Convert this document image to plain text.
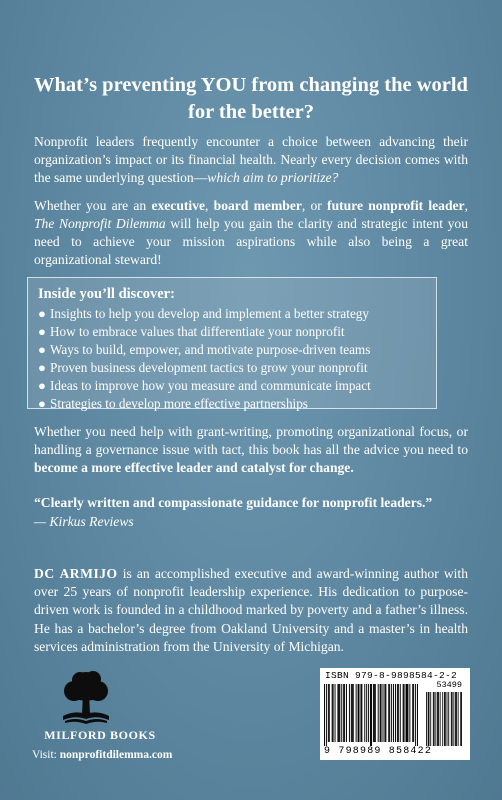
What’s preventing YOU from changing the world for the better?
Nonprofit leaders frequently encounter a choice between advancing their organization’s impact or its financial health. Nearly every decision comes with the same underlying question—which aim to prioritize?
Whether you are an executive, board member, or future nonprofit leader, The Nonprofit Dilemma will help you gain the clarity and strategic intent you need to achieve your mission aspirations while also being a great organizational steward!
Inside you’ll discover:
● Insights to help you develop and implement a better strategy
● How to embrace values that differentiate your nonprofit
● Ways to build, empower, and motivate purpose-driven teams
● Proven business development tactics to grow your nonprofit
● Ideas to improve how you measure and communicate impact
● Strategies to develop more effective partnerships
Whether you need help with grant-writing, promoting organizational focus, or handling a governance issue with tact, this book has all the advice you need to become a more effective leader and catalyst for change.
“Clearly written and compassionate guidance for nonprofit leaders.”
— Kirkus Reviews
DC ARMIJO is an accomplished executive and award-winning author with over 25 years of nonprofit leadership experience. His dedication to purpose-driven work is founded in a childhood marked by poverty and a father’s illness. He has a bachelor’s degree from Oakland University and a master’s in health services administration from the University of Michigan.
MILFORD BOOKS
Visit: nonprofitdilemma.com
ISBN 979-8-9898584-2-2
53499
9 798989 858422
